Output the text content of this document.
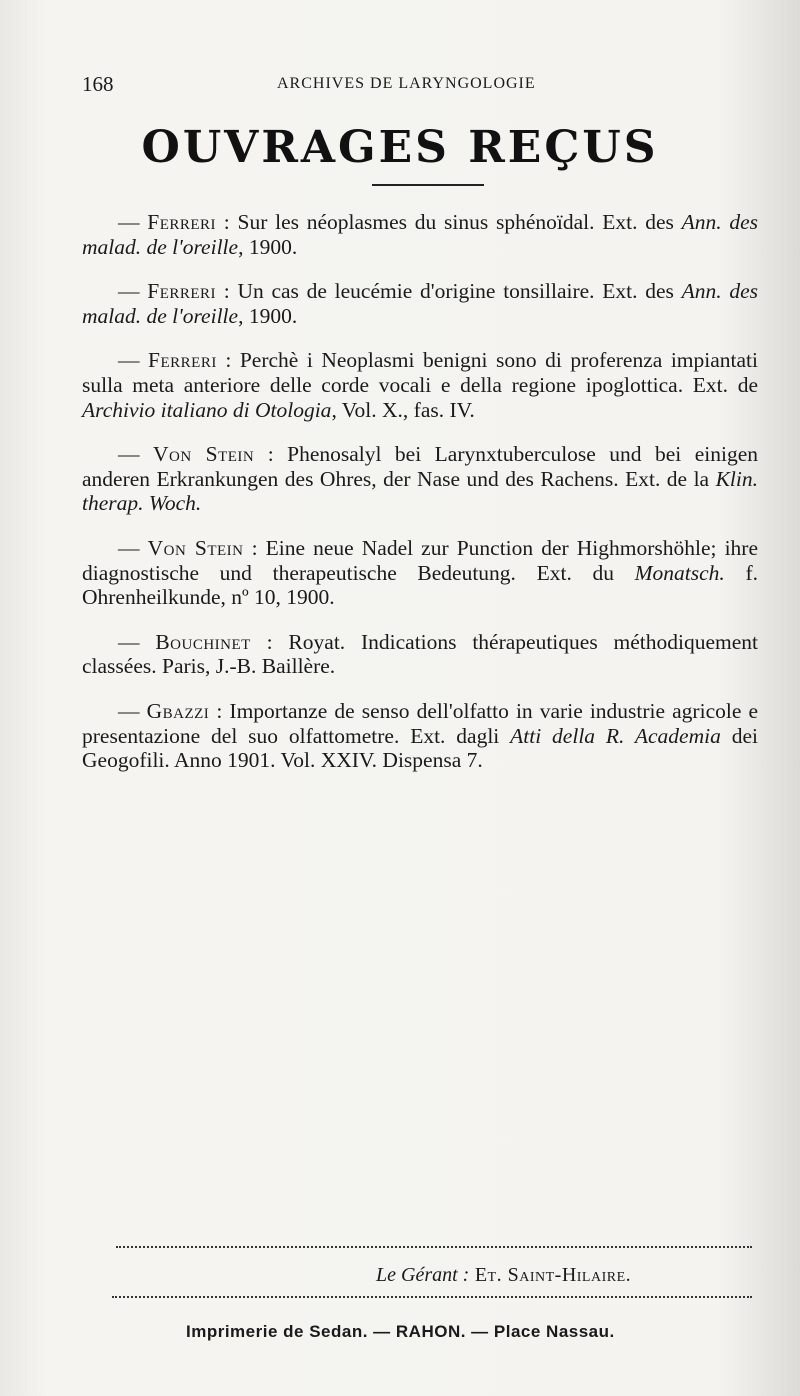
168	ARCHIVES DE LARYNGOLOGIE
OUVRAGES REÇUS

— Ferreri : Sur les néoplasmes du sinus sphénoïdal. Ext. des Ann. des malad. de l'oreille, 1900.

— Ferreri : Un cas de leucémie d'origine tonsillaire. Ext. des Ann. des malad. de l'oreille, 1900.

— Ferreri : Perchè i Neoplasmi benigni sono di proferenza impiantati sulla meta anteriore delle corde vocali e della regione ipoglottica. Ext. de Archivio italiano di Otologia, Vol. X., fas. IV.

— Von Stein : Phenosalyl bei Larynxtuberculose und bei einigen anderen Erkrankungen des Ohres, der Nase und des Rachens. Ext. de la Klin. therap. Woch.

— Von Stein : Eine neue Nadel zur Punction der Highmorshöhle; ihre diagnostische und therapeutische Bedeutung. Ext. du Monatsch. f. Ohrenheilkunde, nº 10, 1900.

— Bouchinet : Royat. Indications thérapeutiques méthodiquement classées. Paris, J.-B. Baillère.

— Gbazzi : Importanze de senso dell'olfatto in varie industrie agricole e presentazione del suo olfattometre. Ext. dagli Atti della R. Academia dei Geogofili. Anno 1901. Vol. XXIV. Dispensa 7.

Le Gérant : Et. Saint-Hilaire.
Imprimerie de Sedan. — RAHON. — Place Nassau.
